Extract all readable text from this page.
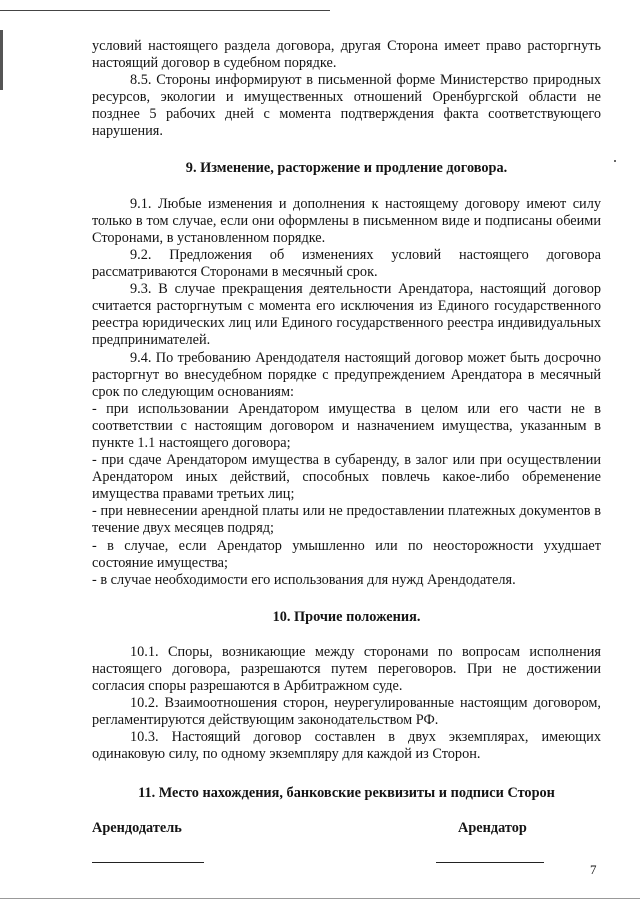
условий настоящего раздела договора, другая Сторона имеет право расторгнуть настоящий договор в судебном порядке.

8.5. Стороны информируют в письменной форме Министерство природных ресурсов, экологии и имущественных отношений Оренбургской области не позднее 5 рабочих дней с момента подтверждения факта соответствующего нарушения.

9. Изменение, расторжение и продление договора.

9.1. Любые изменения и дополнения к настоящему договору имеют силу только в том случае, если они оформлены в письменном виде и подписаны обеими Сторонами, в установленном порядке.

9.2. Предложения об изменениях условий настоящего договора рассматриваются Сторонами в месячный срок.

9.3. В случае прекращения деятельности Арендатора, настоящий договор считается расторгнутым с момента его исключения из Единого государственного реестра юридических лиц или Единого государственного реестра индивидуальных предпринимателей.

9.4. По требованию Арендодателя настоящий договор может быть досрочно расторгнут во внесудебном порядке с предупреждением Арендатора в месячный срок по следующим основаниям:

- при использовании Арендатором имущества в целом или его части не в соответствии с настоящим договором и назначением имущества, указанным в пункте 1.1 настоящего договора;

- при сдаче Арендатором имущества в субаренду, в залог или при осуществлении Арендатором иных действий, способных повлечь какое-либо обременение имущества правами третьих лиц;

- при невнесении арендной платы или не предоставлении платежных документов в течение двух месяцев подряд;

- в случае, если Арендатор умышленно или по неосторожности ухудшает состояние имущества;

- в случае необходимости его использования для нужд Арендодателя.

10. Прочие положения.

10.1. Споры, возникающие между сторонами по вопросам исполнения настоящего договора, разрешаются путем переговоров. При не достижении согласия споры разрешаются в Арбитражном суде.

10.2. Взаимоотношения сторон, неурегулированные настоящим договором, регламентируются действующим законодательством РФ.

10.3. Настоящий договор составлен в двух экземплярах, имеющих одинаковую силу, по одному экземпляру для каждой из Сторон.

11. Место нахождения, банковские реквизиты и подписи Сторон
Арендодатель	Арендатор
7
